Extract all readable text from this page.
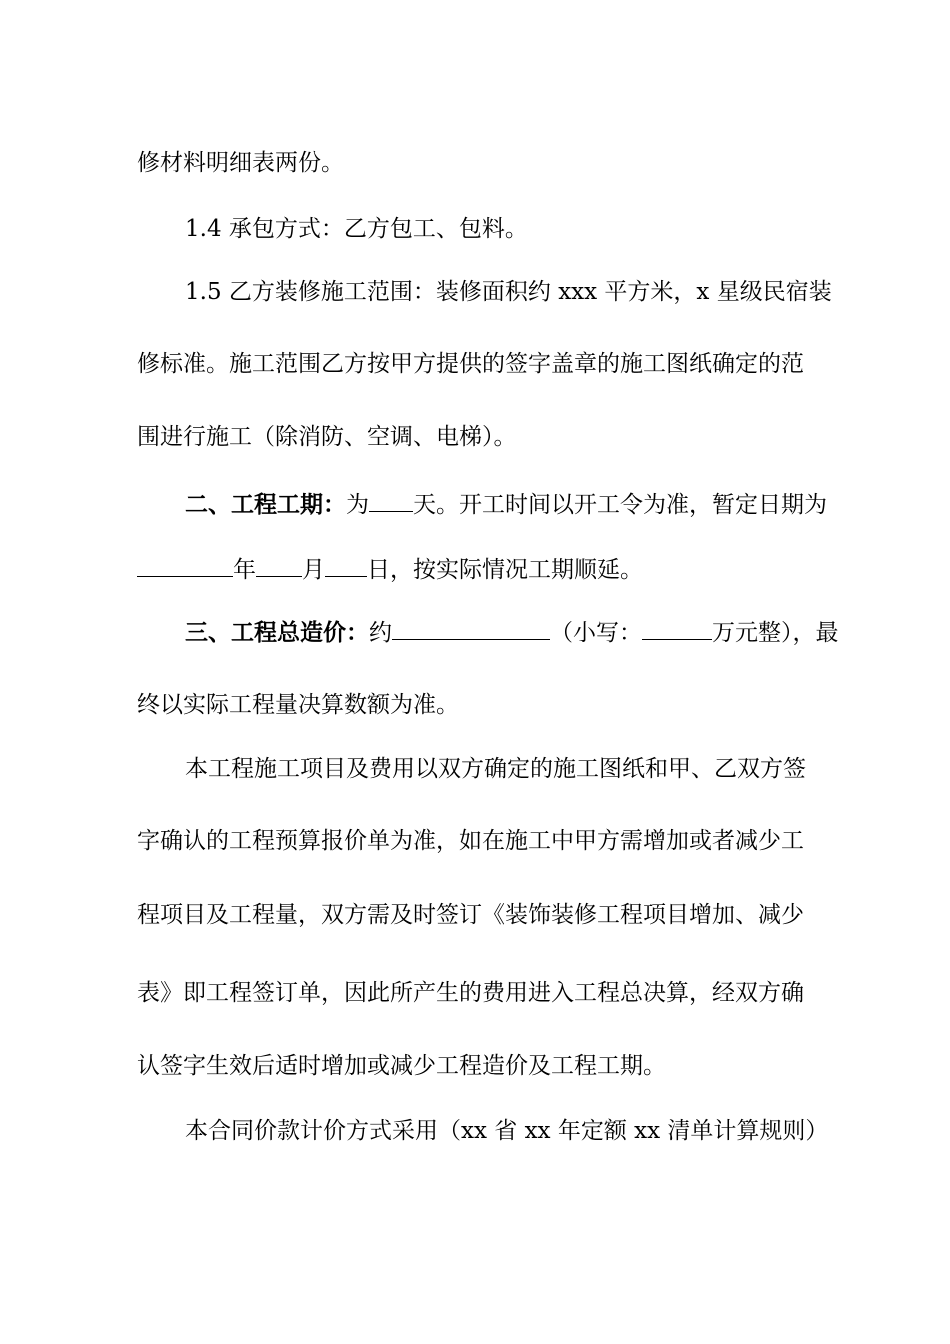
修材料明细表两份。
1.4 承包方式：乙方包工、包料。
1.5 乙方装修施工范围：装修面积约 xxx 平方米，x 星级民宿装
修标准。施工范围乙方按甲方提供的签字盖章的施工图纸确定的范
围进行施工（除消防、空调、电梯）。
二、工程工期：为 天。开工时间以开工令为准，暂定日期为
年 月 日，按实际情况工期顺延。
三、工程总造价：约	（小写：	万元整），最
终以实际工程量决算数额为准。
本工程施工项目及费用以双方确定的施工图纸和甲、乙双方签
字确认的工程预算报价单为准，如在施工中甲方需增加或者减少工
程项目及工程量，双方需及时签订《装饰装修工程项目增加、减少
表》即工程签订单，因此所产生的费用进入工程总决算，经双方确
认签字生效后适时增加或减少工程造价及工程工期。
本合同价款计价方式采用（xx 省 xx 年定额 xx 清单计算规则）
